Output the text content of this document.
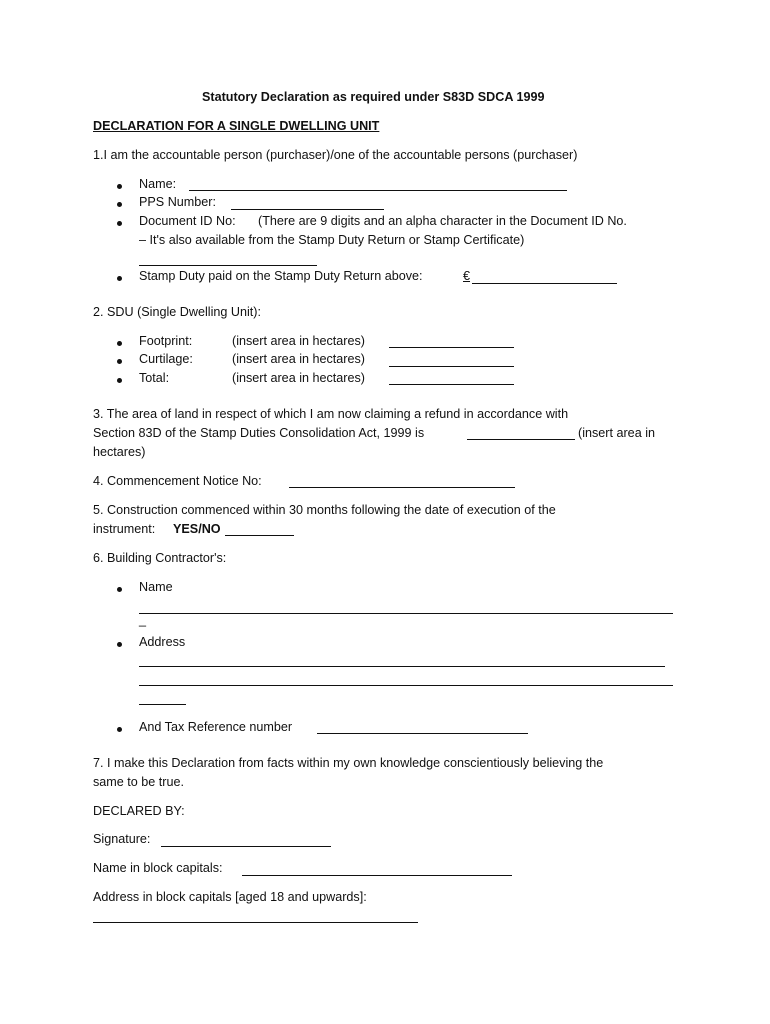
Statutory Declaration as required under S83D SDCA 1999
DECLARATION FOR A SINGLE DWELLING UNIT
1.I am the accountable person (purchaser)/one of the accountable persons (purchaser)
Name:
PPS Number:
Document ID No: (There are 9 digits and an alpha character in the Document ID No.
– It's also available from the Stamp Duty Return or Stamp Certificate)
Stamp Duty paid on the Stamp Duty Return above:	€
2. SDU (Single Dwelling Unit):
Footprint:	(insert area in hectares)
Curtilage:	(insert area in hectares)
Total:	(insert area in hectares)
3. The area of land in respect of which I am now claiming a refund in accordance with
Section 83D of the Stamp Duties Consolidation Act, 1999 is	(insert area in
hectares)
4. Commencement Notice No:
5. Construction commenced within 30 months following the date of execution of the
instrument: YES/NO
6. Building Contractor's:
Name
_
Address
And Tax Reference number
7. I make this Declaration from facts within my own knowledge conscientiously believing the
same to be true.
DECLARED BY:
Signature:
Name in block capitals:
Address in block capitals [aged 18 and upwards]:
